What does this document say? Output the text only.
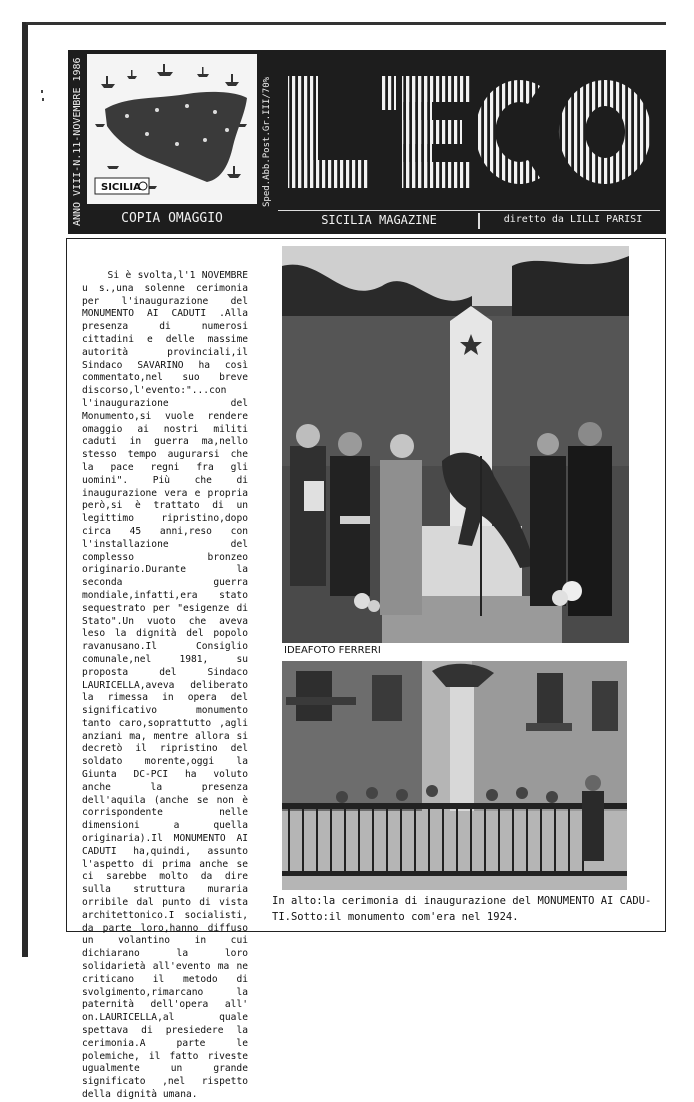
ANNO VIII-N.11-NOVEMBRE 1986	SICILIA
COPIA OMAGGIO
Sped.Abb.Post.Gr.III/70%
SICILIA MAGAZINE	diretto da LILLI PARISI
Si è svolta,l'1 NOVEMBRE u s.,una solenne cerimonia per l'inaugurazione del MONUMENTO AI CADUTI .Alla presenza di numerosi cittadini e delle massime autorità provinciali,il Sindaco SAVARINO ha così commentato,nel suo breve discorso,l'evento:"...con l'inaugurazione del Monumento,si vuole rendere omaggio ai nostri militi caduti in guerra ma,nello stesso tempo augurarsi che la pace regni fra gli uomini". Più che di inaugurazione vera e propria però,si è trattato di un legittimo ripristino,dopo circa 45 anni,reso con l'installazione del complesso bronzeo originario.Durante la seconda guerra mondiale,infatti,era stato sequestrato per "esigenze di Stato".Un vuoto che aveva leso la dignità del popolo ravanusano.Il Consiglio comunale,nel 1981, su proposta del Sindaco LAURICELLA,aveva deliberato la rimessa in opera del significativo monumento tanto caro,soprattutto ,agli anziani ma, mentre allora si decretò il ripristino del soldato morente,oggi la Giunta DC-PCI ha voluto anche la presenza dell'aquila (anche se non è corrispondente nelle dimensioni a quella originaria).Il MONUMENTO AI CADUTI ha,quindi, assunto l'aspetto di prima anche se ci sarebbe molto da dire sulla struttura muraria orribile dal punto di vista architettonico.I socialisti, da parte loro,hanno diffuso un volantino in cui dichiarano la loro solidarietà all'evento ma ne criticano il metodo di svolgimento,rimarcano la paternità dell'opera all' on.LAURICELLA,al quale spettava di presiedere la cerimonia.A parte le polemiche, il fatto riveste ugualmente un grande significato ,nel rispetto della dignità umana.
IDEAFOTO FERRERI
In alto:la cerimonia di inaugurazione del MONUMENTO AI CADU-
TI.Sotto:il monumento com'era nel 1924.
